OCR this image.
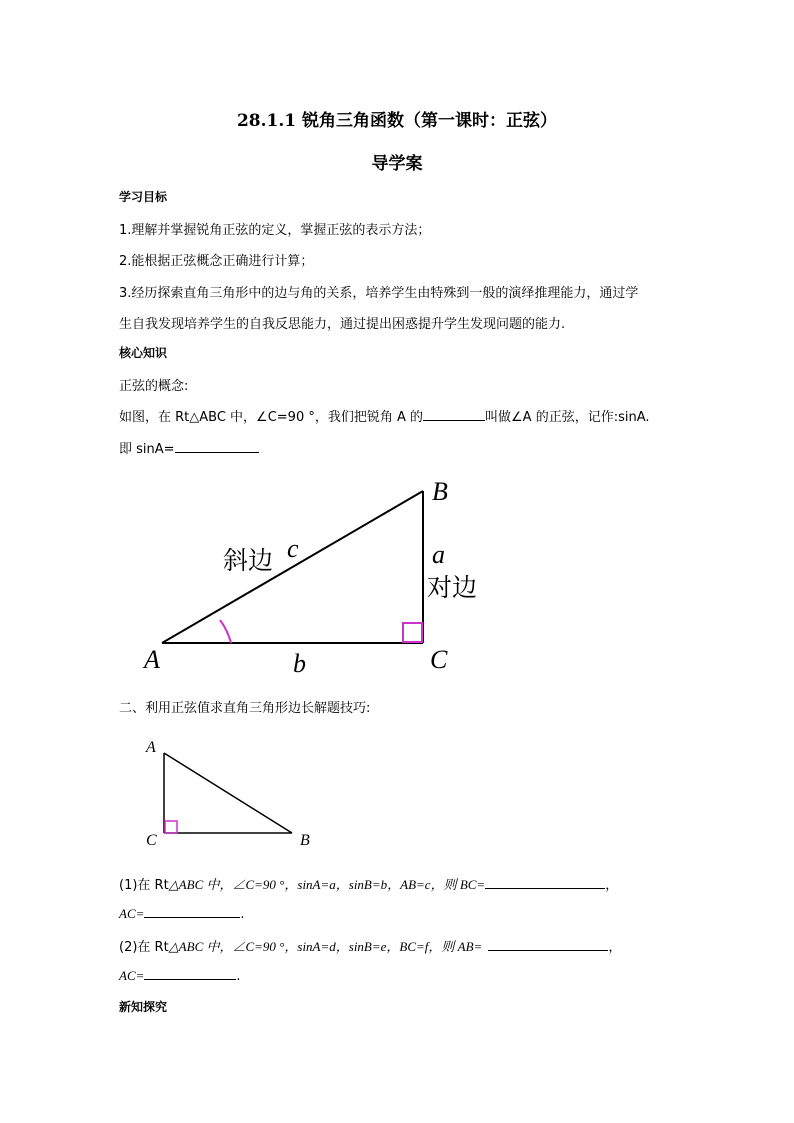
28.1.1 锐角三角函数（第一课时：正弦）
导学案
学习目标
1.理解并掌握锐角正弦的定义，掌握正弦的表示方法；
2.能根据正弦概念正确进行计算；
3.经历探索直角三角形中的边与角的关系，培养学生由特殊到一般的演绎推理能力，通过学
生自我发现培养学生的自我反思能力，通过提出困惑提升学生发现问题的能力.
核心知识
正弦的概念:
如图，在 Rt△ABC 中，∠C=90 °，我们把锐角 A 的	叫做∠A 的正弦，记作:sinA.
即 sinA=
A
B
C
a
b
c
斜边
对边
二、利用正弦值求直角三角形边长解题技巧:
A
C	B
(1)在 Rt△ABC 中，∠C=90 °，sinA=a，sinB=b，AB=c，则 BC=	，
AC=	.
(2)在 Rt△ABC 中，∠C=90 °，sinA=d，sinB=e，BC=f，则 AB=	，
AC=	.
新知探究
